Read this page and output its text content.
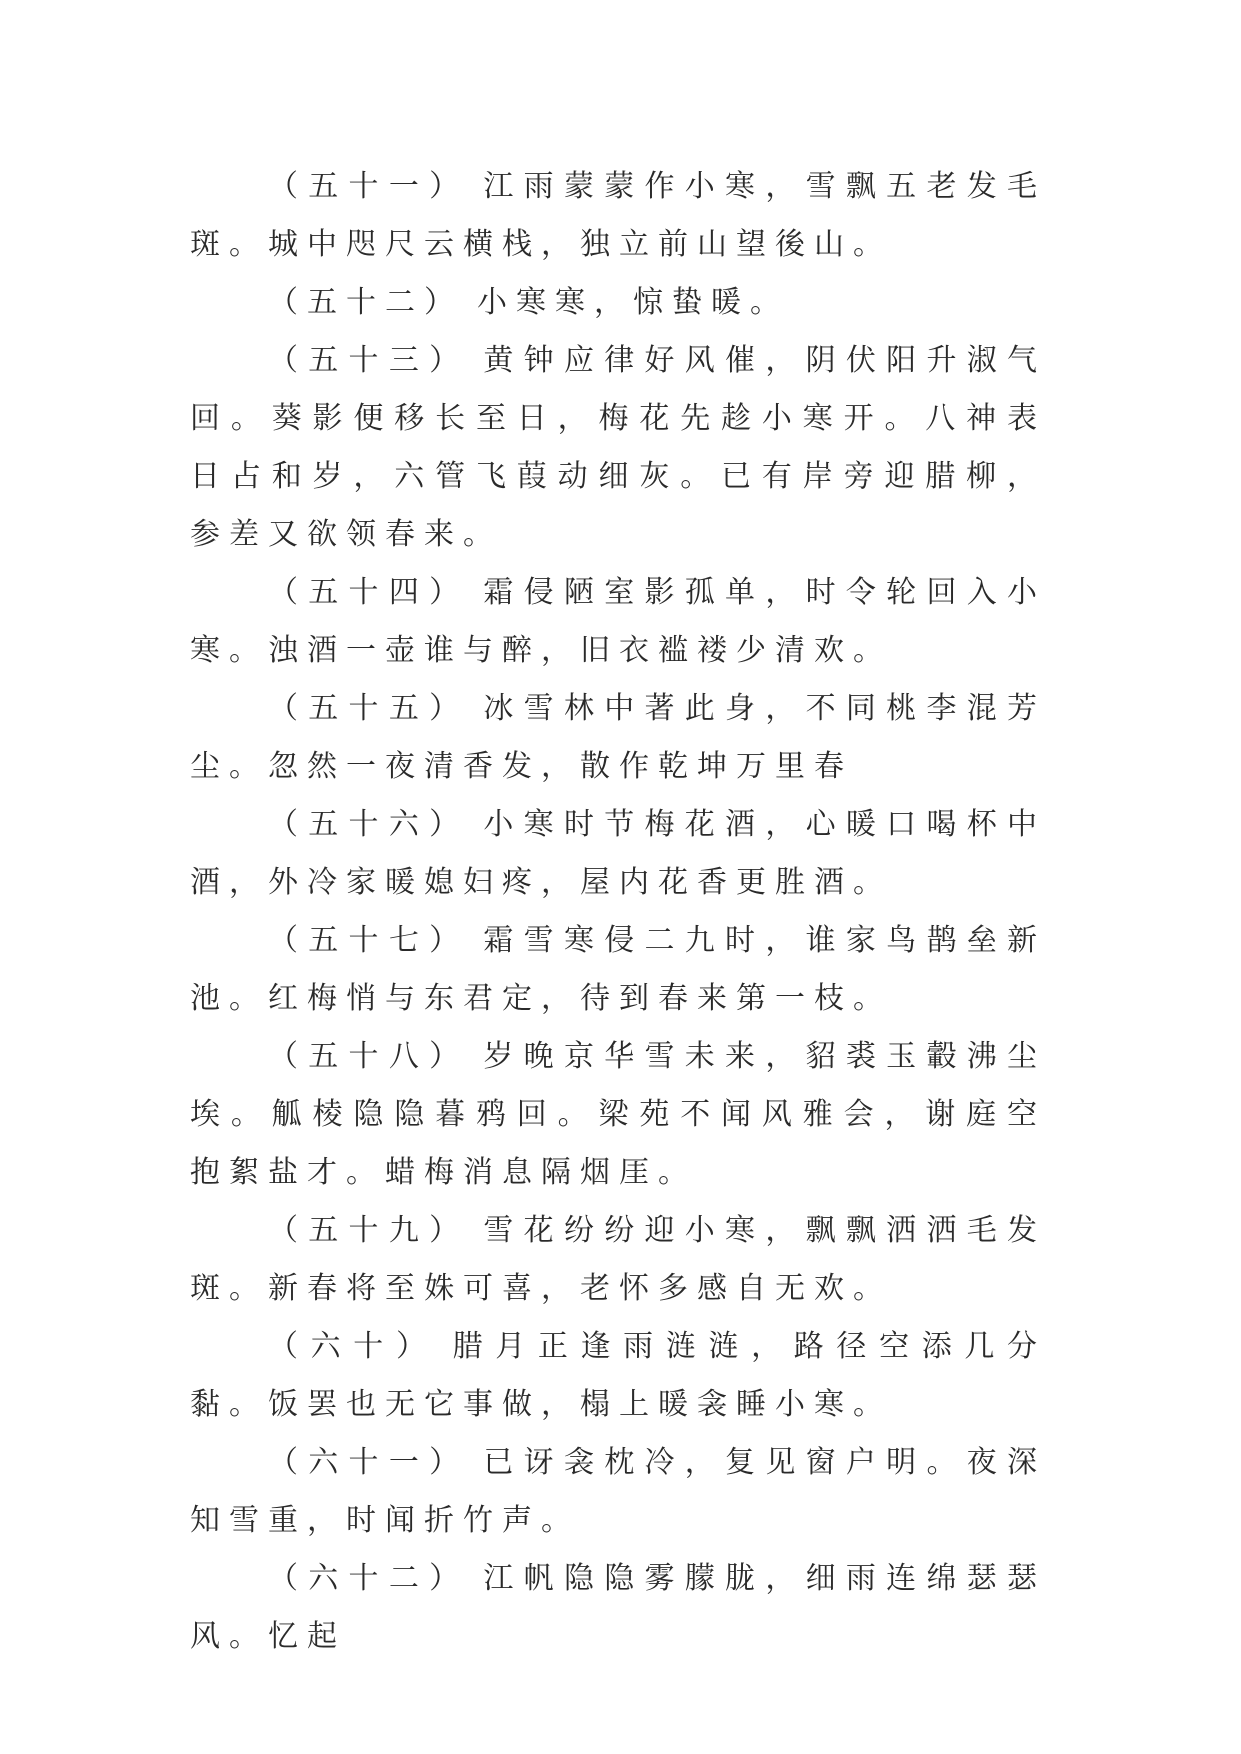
（五十一） 江雨蒙蒙作小寒，雪飘五老发毛斑。城中咫尺云横栈，独立前山望後山。

（五十二） 小寒寒，惊蛰暖。

（五十三） 黄钟应律好风催，阴伏阳升淑气回。葵影便移长至日，梅花先趁小寒开。八神表日占和岁，六管飞葭动细灰。已有岸旁迎腊柳，参差又欲领春来。

（五十四） 霜侵陋室影孤单，时令轮回入小寒。浊酒一壶谁与醉，旧衣褴褛少清欢。

（五十五） 冰雪林中著此身，不同桃李混芳尘。忽然一夜清香发，散作乾坤万里春

（五十六） 小寒时节梅花酒，心暖口喝杯中酒，外冷家暖媳妇疼，屋内花香更胜酒。

（五十七） 霜雪寒侵二九时，谁家鸟鹊垒新池。红梅悄与东君定，待到春来第一枝。

（五十八） 岁晚京华雪未来，貂裘玉轂沸尘埃。觚棱隐隐暮鸦回。梁苑不闻风雅会，谢庭空抱絮盐才。蜡梅消息隔烟厓。

（五十九） 雪花纷纷迎小寒，飘飘洒洒毛发斑。新春将至姝可喜，老怀多感自无欢。

（六十） 腊月正逢雨涟涟，路径空添几分黏。饭罢也无它事做，榻上暖衾睡小寒。

（六十一） 已讶衾枕冷，复见窗户明。夜深知雪重，时闻折竹声。

（六十二） 江帆隐隐雾朦胧，细雨连绵瑟瑟风。忆起
